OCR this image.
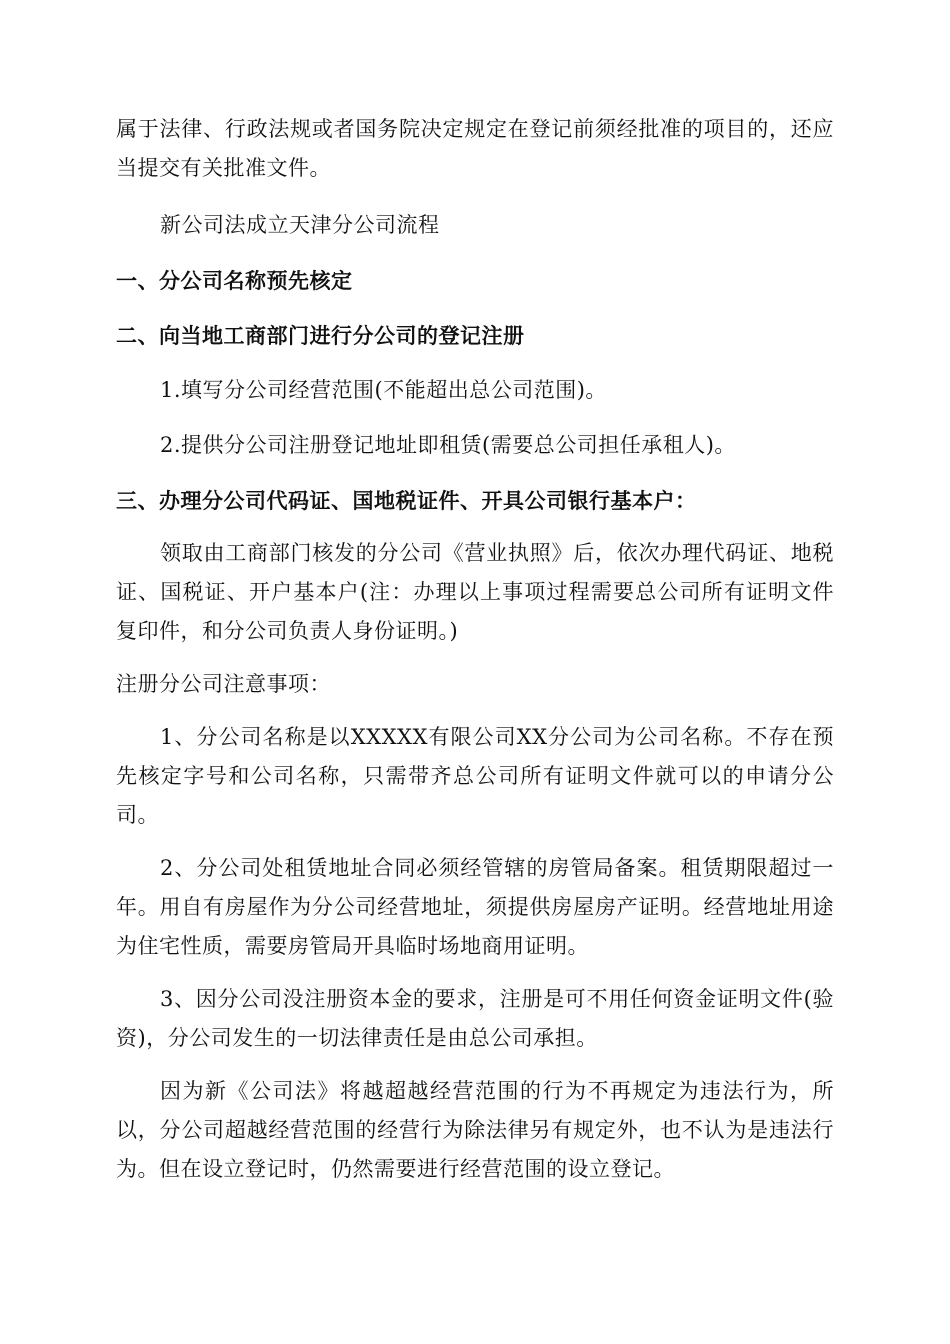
属于法律、行政法规或者国务院决定规定在登记前须经批准的项目的，还应当提交有关批准文件。

新公司法成立天津分公司流程

一、分公司名称预先核定

二、向当地工商部门进行分公司的登记注册

1.填写分公司经营范围(不能超出总公司范围)。

2.提供分公司注册登记地址即租赁(需要总公司担任承租人)。

三、办理分公司代码证、国地税证件、开具公司银行基本户：

领取由工商部门核发的分公司《营业执照》后，依次办理代码证、地税证、国税证、开户基本户(注：办理以上事项过程需要总公司所有证明文件复印件，和分公司负责人身份证明。)

注册分公司注意事项：

1、分公司名称是以XXXXX有限公司XX分公司为公司名称。不存在预先核定字号和公司名称，只需带齐总公司所有证明文件就可以的申请分公司。

2、分公司处租赁地址合同必须经管辖的房管局备案。租赁期限超过一年。用自有房屋作为分公司经营地址，须提供房屋房产证明。经营地址用途为住宅性质，需要房管局开具临时场地商用证明。

3、因分公司没注册资本金的要求，注册是可不用任何资金证明文件(验资)，分公司发生的一切法律责任是由总公司承担。

因为新《公司法》将越超越经营范围的行为不再规定为违法行为，所以，分公司超越经营范围的经营行为除法律另有规定外，也不认为是违法行为。但在设立登记时，仍然需要进行经营范围的设立登记。
